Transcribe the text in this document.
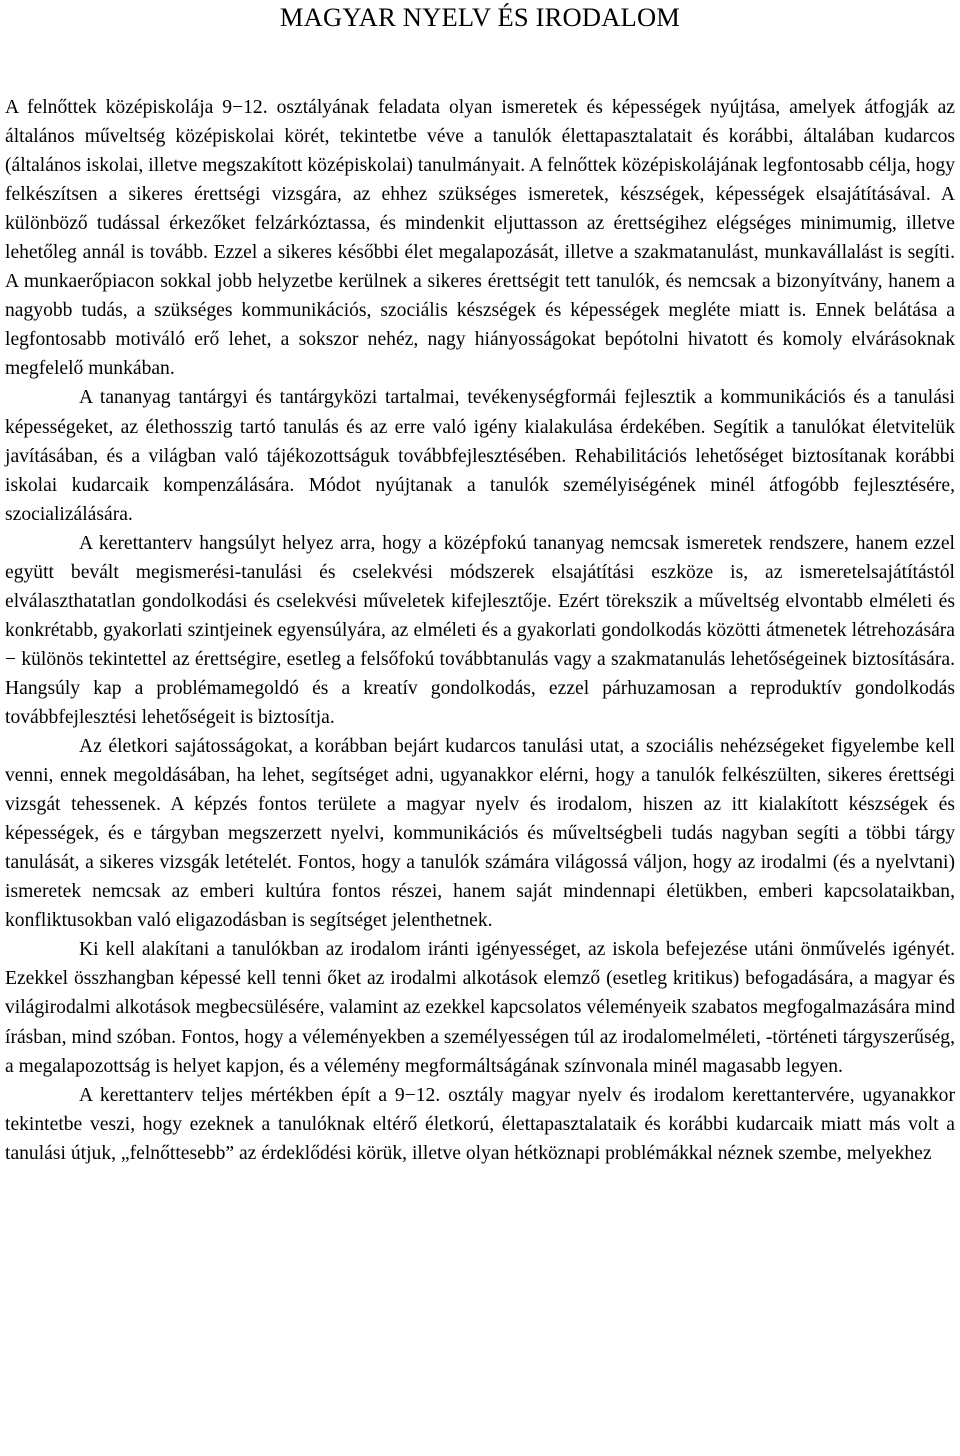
MAGYAR NYELV ÉS IRODALOM

A felnőttek középiskolája 9−12. osztályának feladata olyan ismeretek és képességek nyújtása, amelyek átfogják az általános műveltség középiskolai körét, tekintetbe véve a tanulók élettapasztalatait és korábbi, általában kudarcos (általános iskolai, illetve megszakított középiskolai) tanulmányait. A felnőttek középiskolájának legfontosabb célja, hogy felkészítsen a sikeres érettségi vizsgára, az ehhez szükséges ismeretek, készségek, képességek elsajátításával. A különböző tudással érkezőket felzárkóztassa, és mindenkit eljuttasson az érettségihez elégséges minimumig, illetve lehetőleg annál is tovább. Ezzel a sikeres későbbi élet megalapozását, illetve a szakmatanulást, munkavállalást is segíti. A munkaerőpiacon sokkal jobb helyzetbe kerülnek a sikeres érettségit tett tanulók, és nemcsak a bizonyítvány, hanem a nagyobb tudás, a szükséges kommunikációs, szociális készségek és képességek megléte miatt is. Ennek belátása a legfontosabb motiváló erő lehet, a sokszor nehéz, nagy hiányosságokat bepótolni hivatott és komoly elvárásoknak megfelelő munkában.

A tananyag tantárgyi és tantárgyközi tartalmai, tevékenységformái fejlesztik a kommunikációs és a tanulási képességeket, az élethosszig tartó tanulás és az erre való igény kialakulása érdekében. Segítik a tanulókat életvitelük javításában, és a világban való tájékozottságuk továbbfejlesztésében. Rehabilitációs lehetőséget biztosítanak korábbi iskolai kudarcaik kompenzálására. Módot nyújtanak a tanulók személyiségének minél átfogóbb fejlesztésére, szocializálására.

A kerettanterv hangsúlyt helyez arra, hogy a középfokú tananyag nemcsak ismeretek rendszere, hanem ezzel együtt bevált megismerési-tanulási és cselekvési módszerek elsajátítási eszköze is, az ismeretelsajátítástól elválaszthatatlan gondolkodási és cselekvési műveletek kifejlesztője. Ezért törekszik a műveltség elvontabb elméleti és konkrétabb, gyakorlati szintjeinek egyensúlyára, az elméleti és a gyakorlati gondolkodás közötti átmenetek létrehozására − különös tekintettel az érettségire, esetleg a felsőfokú továbbtanulás vagy a szakmatanulás lehetőségeinek biztosítására. Hangsúly kap a problémamegoldó és a kreatív gondolkodás, ezzel párhuzamosan a reproduktív gondolkodás továbbfejlesztési lehetőségeit is biztosítja.

Az életkori sajátosságokat, a korábban bejárt kudarcos tanulási utat, a szociális nehézségeket figyelembe kell venni, ennek megoldásában, ha lehet, segítséget adni, ugyanakkor elérni, hogy a tanulók felkészülten, sikeres érettségi vizsgát tehessenek. A képzés fontos területe a magyar nyelv és irodalom, hiszen az itt kialakított készségek és képességek, és e tárgyban megszerzett nyelvi, kommunikációs és műveltségbeli tudás nagyban segíti a többi tárgy tanulását, a sikeres vizsgák letételét. Fontos, hogy a tanulók számára világossá váljon, hogy az irodalmi (és a nyelvtani) ismeretek nemcsak az emberi kultúra fontos részei, hanem saját mindennapi életükben, emberi kapcsolataikban, konfliktusokban való eligazodásban is segítséget jelenthetnek.

Ki kell alakítani a tanulókban az irodalom iránti igényességet, az iskola befejezése utáni önművelés igényét. Ezekkel összhangban képessé kell tenni őket az irodalmi alkotások elemző (esetleg kritikus) befogadására, a magyar és világirodalmi alkotások megbecsülésére, valamint az ezekkel kapcsolatos véleményeik szabatos megfogalmazására mind írásban, mind szóban. Fontos, hogy a véleményekben a személyességen túl az irodalomelméleti, -történeti tárgyszerűség, a megalapozottság is helyet kapjon, és a vélemény megformáltságának színvonala minél magasabb legyen.

A kerettanterv teljes mértékben épít a 9−12. osztály magyar nyelv és irodalom kerettantervére, ugyanakkor tekintetbe veszi, hogy ezeknek a tanulóknak eltérő életkorú, élettapasztalataik és korábbi kudarcaik miatt más volt a tanulási útjuk, „felnőttesebb” az érdeklődési körük, illetve olyan hétköznapi problémákkal néznek szembe, melyekhez
